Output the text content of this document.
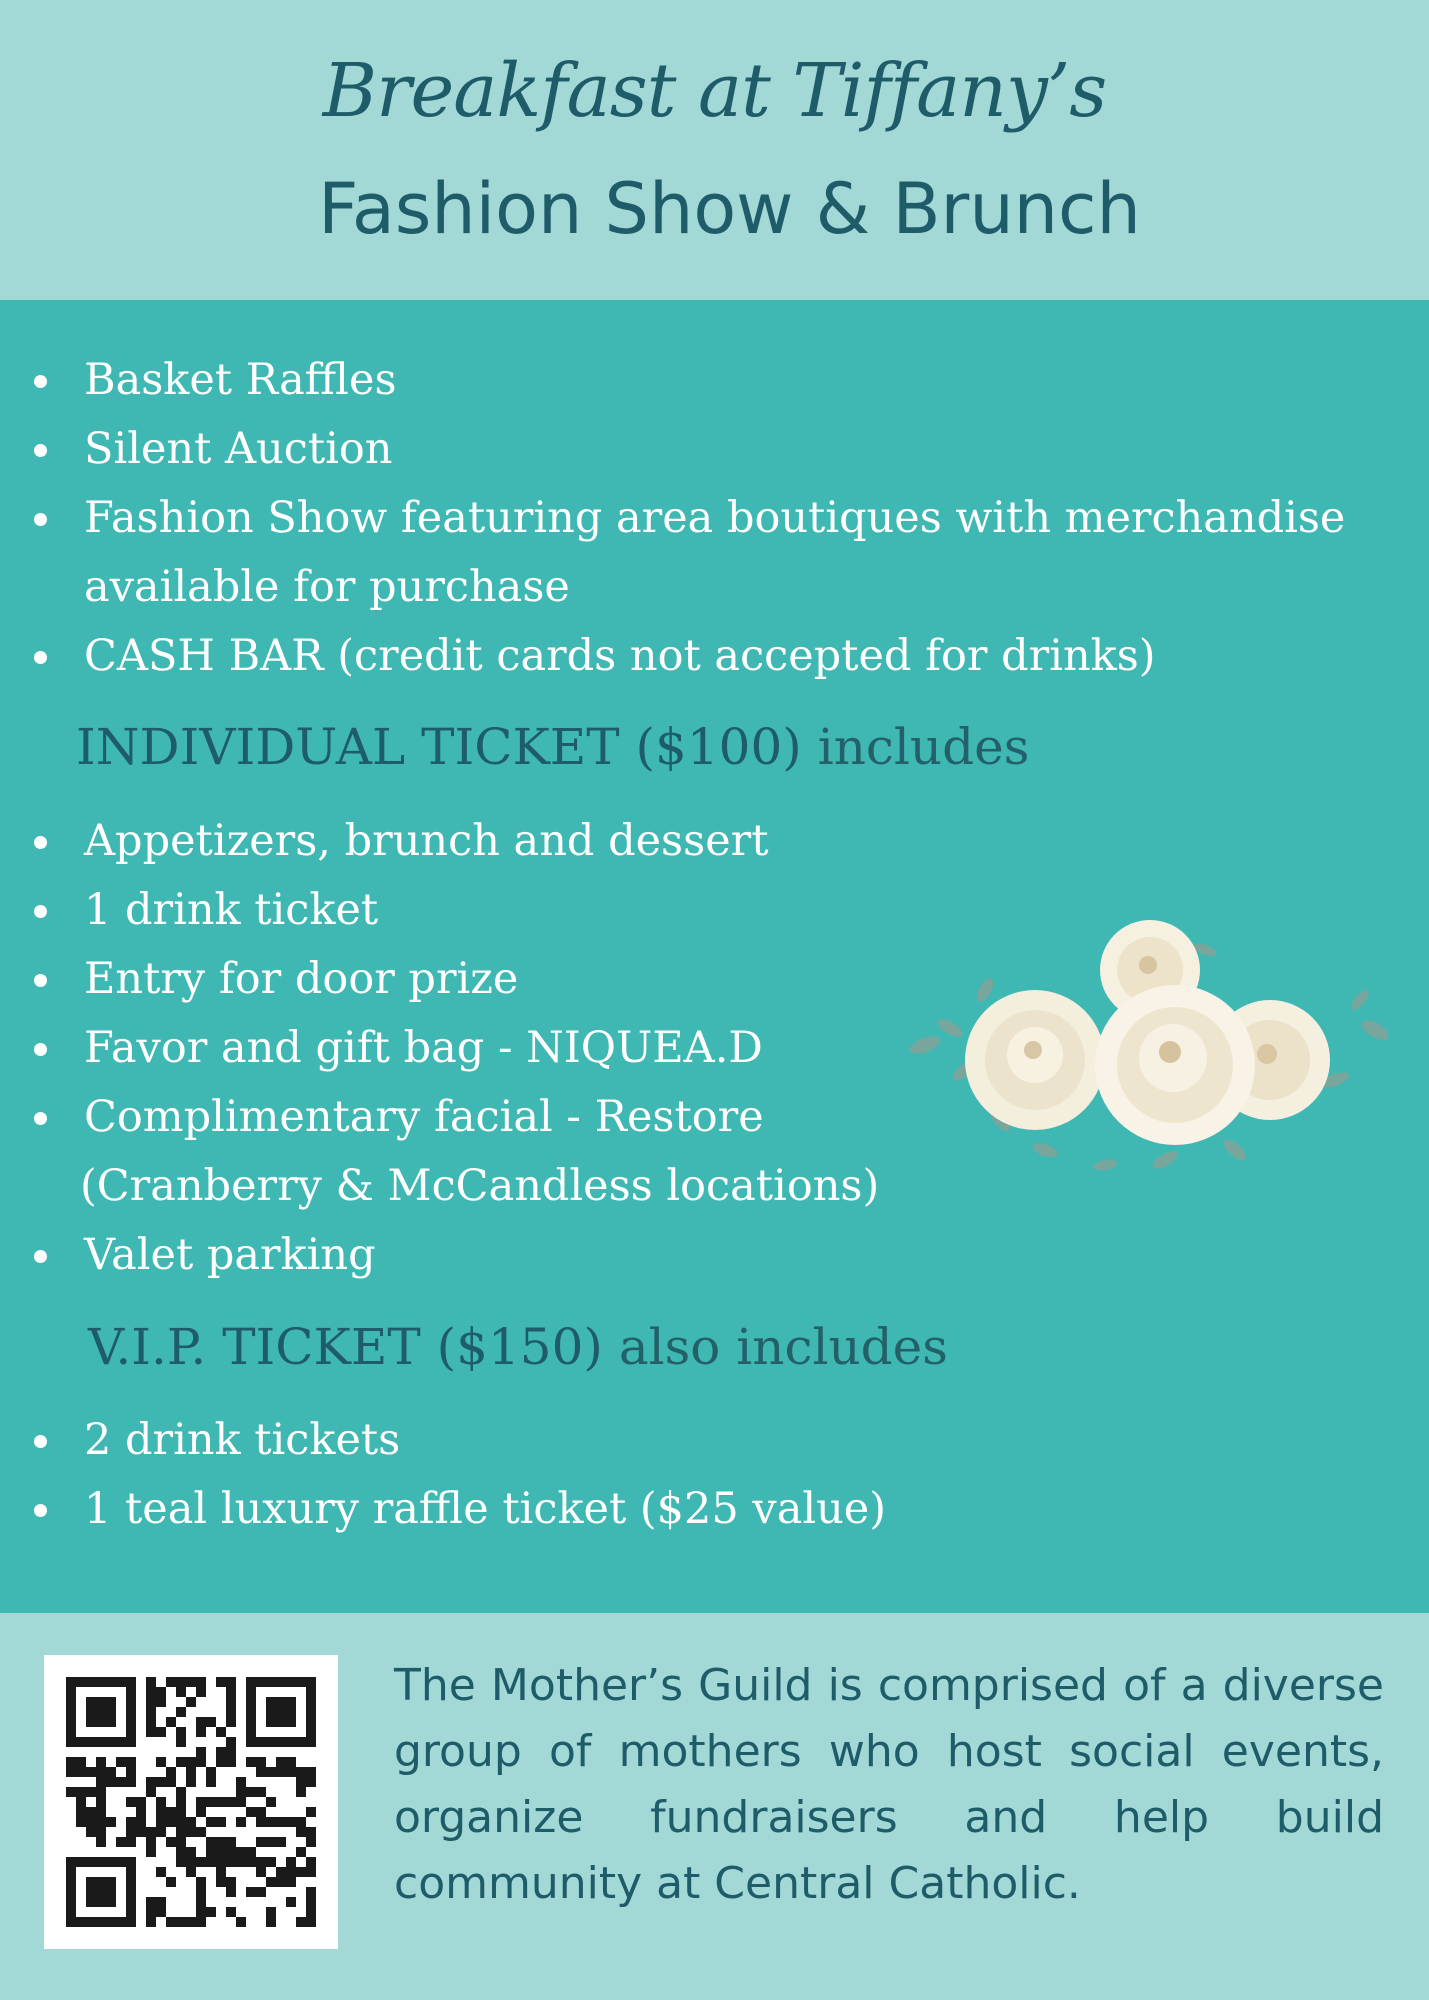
Breakfast at Tiffany’s
Fashion Show & Brunch
Basket Raffles
Silent Auction
Fashion Show featuring area boutiques with merchandise
available for purchase
CASH BAR (credit cards not accepted for drinks)
INDIVIDUAL TICKET ($100) includes
Appetizers, brunch and dessert
1 drink ticket
Entry for door prize
Favor and gift bag - NIQUEA.D
Complimentary facial - Restore
(Cranberry & McCandless locations)
Valet parking
V.I.P. TICKET ($150) also includes
2 drink tickets
1 teal luxury raffle ticket ($25 value)
The Mother’s Guild is comprised of a diverse group of mothers who host social events, organize fundraisers and help build community at Central Catholic.
